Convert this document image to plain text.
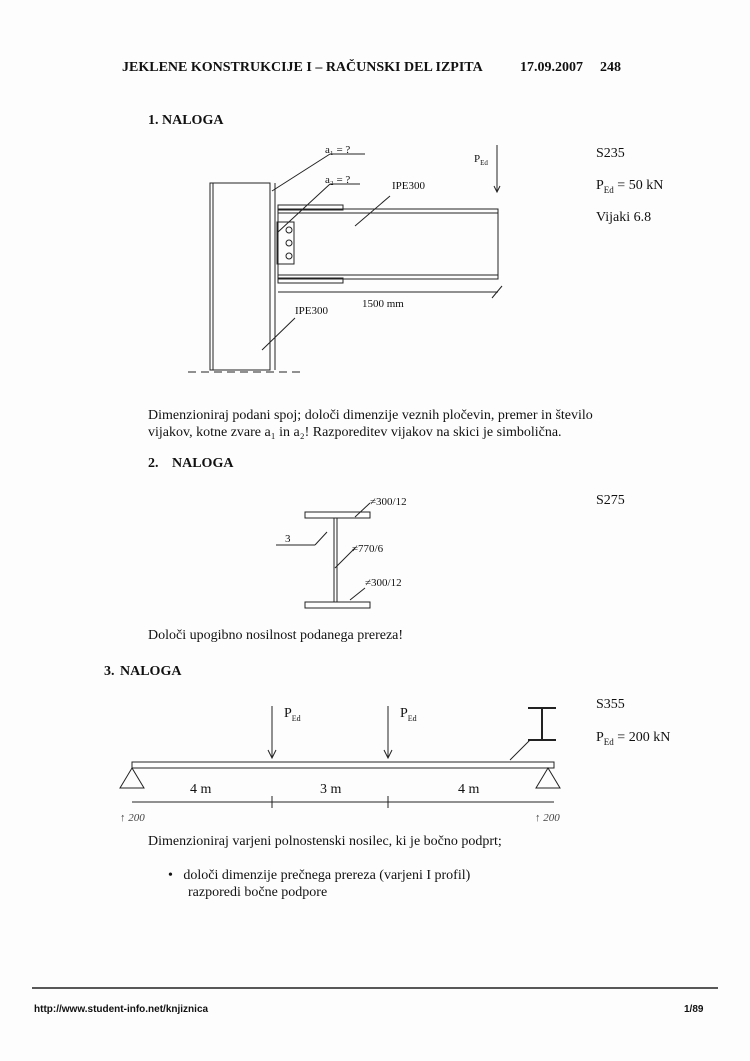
JEKLENE KONSTRUKCIJE I – RAČUNSKI DEL IZPITA	17.09.2007 248
1. NALOGA
a₁ = ?
a₂ = ?	IPE300
IPE300
1500 mm
$P_{Ed}$
S235
$P_{Ed} = 50$ kN
Vijaki 6.8
Dimenzioniraj podani spoj; določi dimenzije veznih pločevin, premer in število
vijakov, kotne zvare a₁ in a₂! Razporeditev vijakov na skici je simbolična.
2. NALOGA
≠300/12
≠770/6
≠300/12
3
S275
Določi upogibno nosilnost podanega prereza!
3. NALOGA
$P_{Ed}$	$P_{Ed}$
S355
$P_{Ed} = 200$ kN
4 m	3 m	4 m
↑ 200	↑ 200
Dimenzioniraj varjeni polnostenski nosilec, ki je bočno podprt;
•   določi dimenzije prečnega prereza (varjeni I profil)
razporedi bočne podpore
http://www.student-info.net/knjiznica	1/89
